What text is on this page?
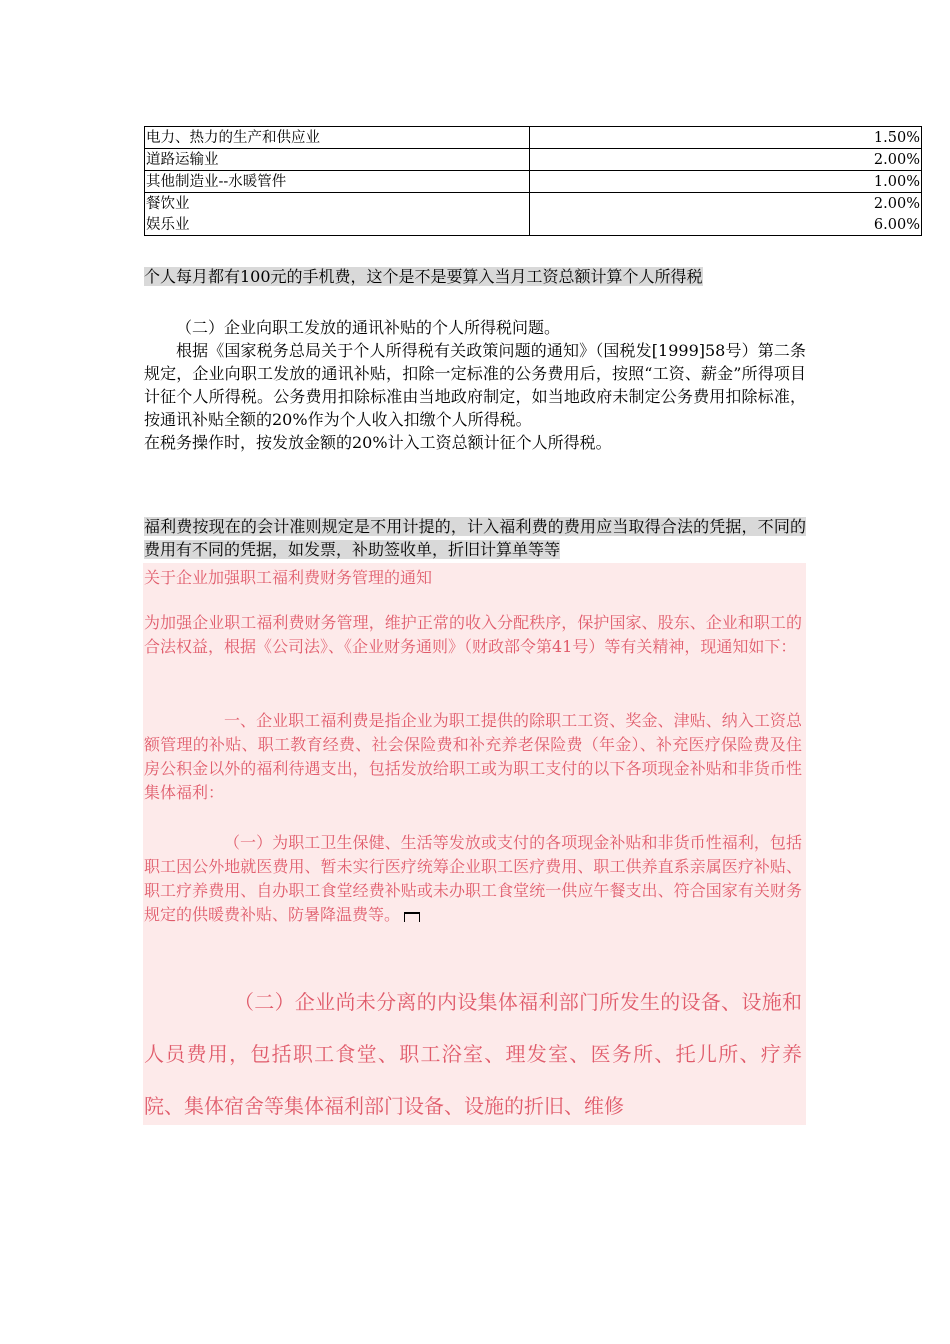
电力、热力的生产和供应业	1.50%
道路运输业	2.00%
其他制造业--水暖管件	1.00%
餐饮业	2.00%
娱乐业	6.00%

个人每月都有100元的手机费，这个是不是要算入当月工资总额计算个人所得税

（二）企业向职工发放的通讯补贴的个人所得税问题。

根据《国家税务总局关于个人所得税有关政策问题的通知》（国税发[1999]58号）第二条规定，企业向职工发放的通讯补贴，扣除一定标准的公务费用后，按照“工资、薪金”所得项目计征个人所得税。公务费用扣除标准由当地政府制定，如当地政府未制定公务费用扣除标准，按通讯补贴全额的20%作为个人收入扣缴个人所得税。

在税务操作时，按发放金额的20%计入工资总额计征个人所得税。

福利费按现在的会计准则规定是不用计提的，计入福利费的费用应当取得合法的凭据，不同的费用有不同的凭据，如发票，补助签收单，折旧计算单等等

关于企业加强职工福利费财务管理的通知

为加强企业职工福利费财务管理，维护正常的收入分配秩序，保护国家、股东、企业和职工的合法权益，根据《公司法》、《企业财务通则》（财政部令第41号）等有关精神，现通知如下：

一、企业职工福利费是指企业为职工提供的除职工工资、奖金、津贴、纳入工资总额管理的补贴、职工教育经费、社会保险费和补充养老保险费（年金）、补充医疗保险费及住房公积金以外的福利待遇支出，包括发放给职工或为职工支付的以下各项现金补贴和非货币性集体福利：

（一）为职工卫生保健、生活等发放或支付的各项现金补贴和非货币性福利，包括职工因公外地就医费用、暂未实行医疗统筹企业职工医疗费用、职工供养直系亲属医疗补贴、职工疗养费用、自办职工食堂经费补贴或未办职工食堂统一供应午餐支出、符合国家有关财务规定的供暖费补贴、防暑降温费等。

（二）企业尚未分离的内设集体福利部门所发生的设备、设施和人员费用，包括职工食堂、职工浴室、理发室、医务所、托儿所、疗养院、集体宿舍等集体福利部门设备、设施的折旧、维修
